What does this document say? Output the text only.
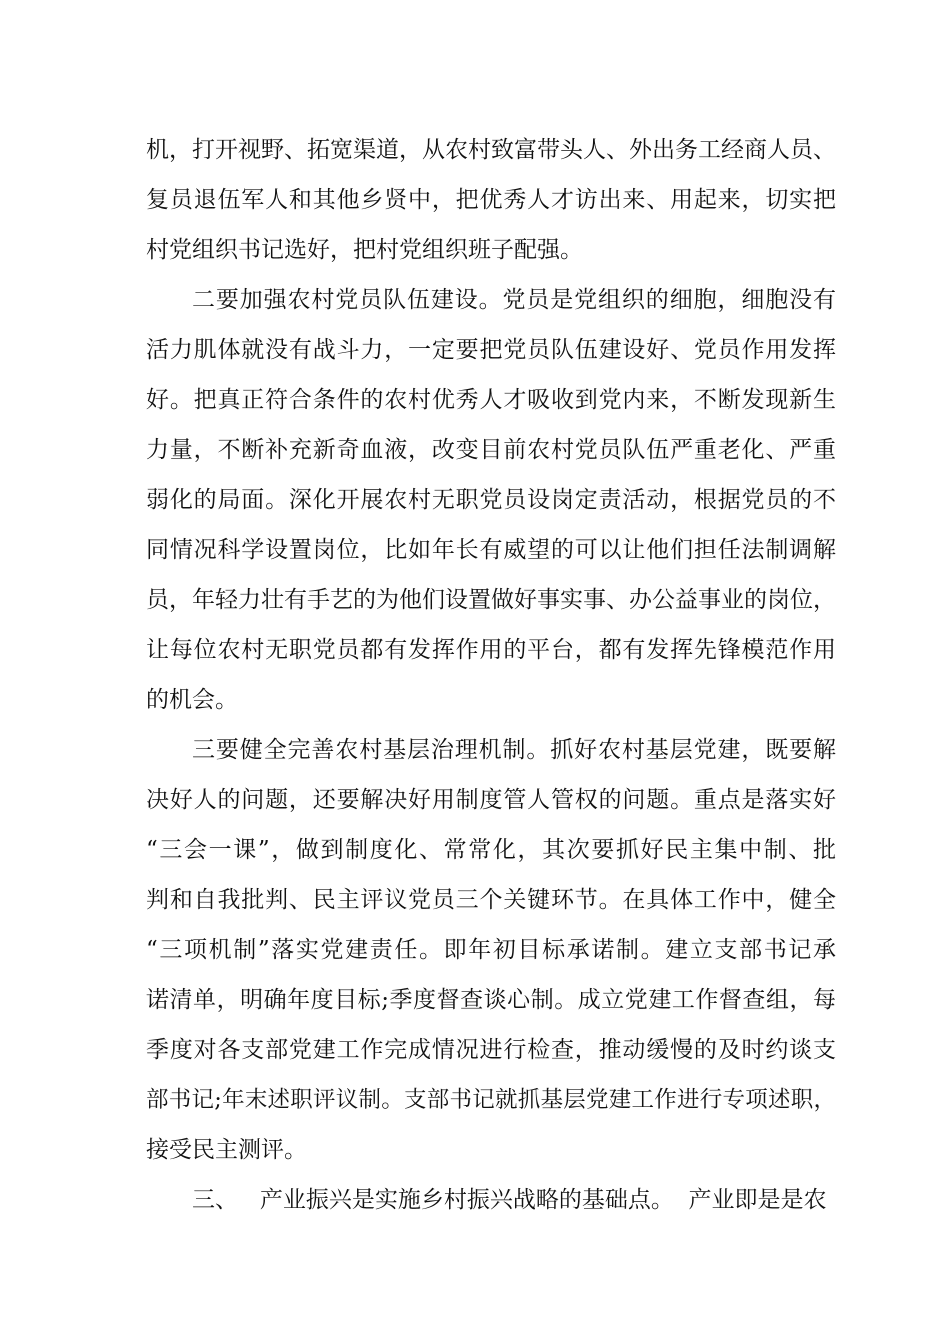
机，打开视野、拓宽渠道，从农村致富带头人、外出务工经商人员、
复员退伍军人和其他乡贤中，把优秀人才访出来、用起来，切实把
村党组织书记选好，把村党组织班子配强。
二要加强农村党员队伍建设。党员是党组织的细胞，细胞没有
活力肌体就没有战斗力，一定要把党员队伍建设好、党员作用发挥
好。把真正符合条件的农村优秀人才吸收到党内来，不断发现新生
力量，不断补充新奇血液，改变目前农村党员队伍严重老化、严重
弱化的局面。深化开展农村无职党员设岗定责活动，根据党员的不
同情况科学设置岗位，比如年长有威望的可以让他们担任法制调解
员，年轻力壮有手艺的为他们设置做好事实事、办公益事业的岗位，
让每位农村无职党员都有发挥作用的平台，都有发挥先锋模范作用
的机会。
三要健全完善农村基层治理机制。抓好农村基层党建，既要解
决好人的问题，还要解决好用制度管人管权的问题。重点是落实好
“三会一课”，做到制度化、常常化，其次要抓好民主集中制、批
判和自我批判、民主评议党员三个关键环节。在具体工作中，健全
“三项机制”落实党建责任。即年初目标承诺制。建立支部书记承
诺清单，明确年度目标;季度督查谈心制。成立党建工作督查组，每
季度对各支部党建工作完成情况进行检查，推动缓慢的及时约谈支
部书记;年末述职评议制。支部书记就抓基层党建工作进行专项述职，
接受民主测评。
三、   产业振兴是实施乡村振兴战略的基础点。  产业即是是农
